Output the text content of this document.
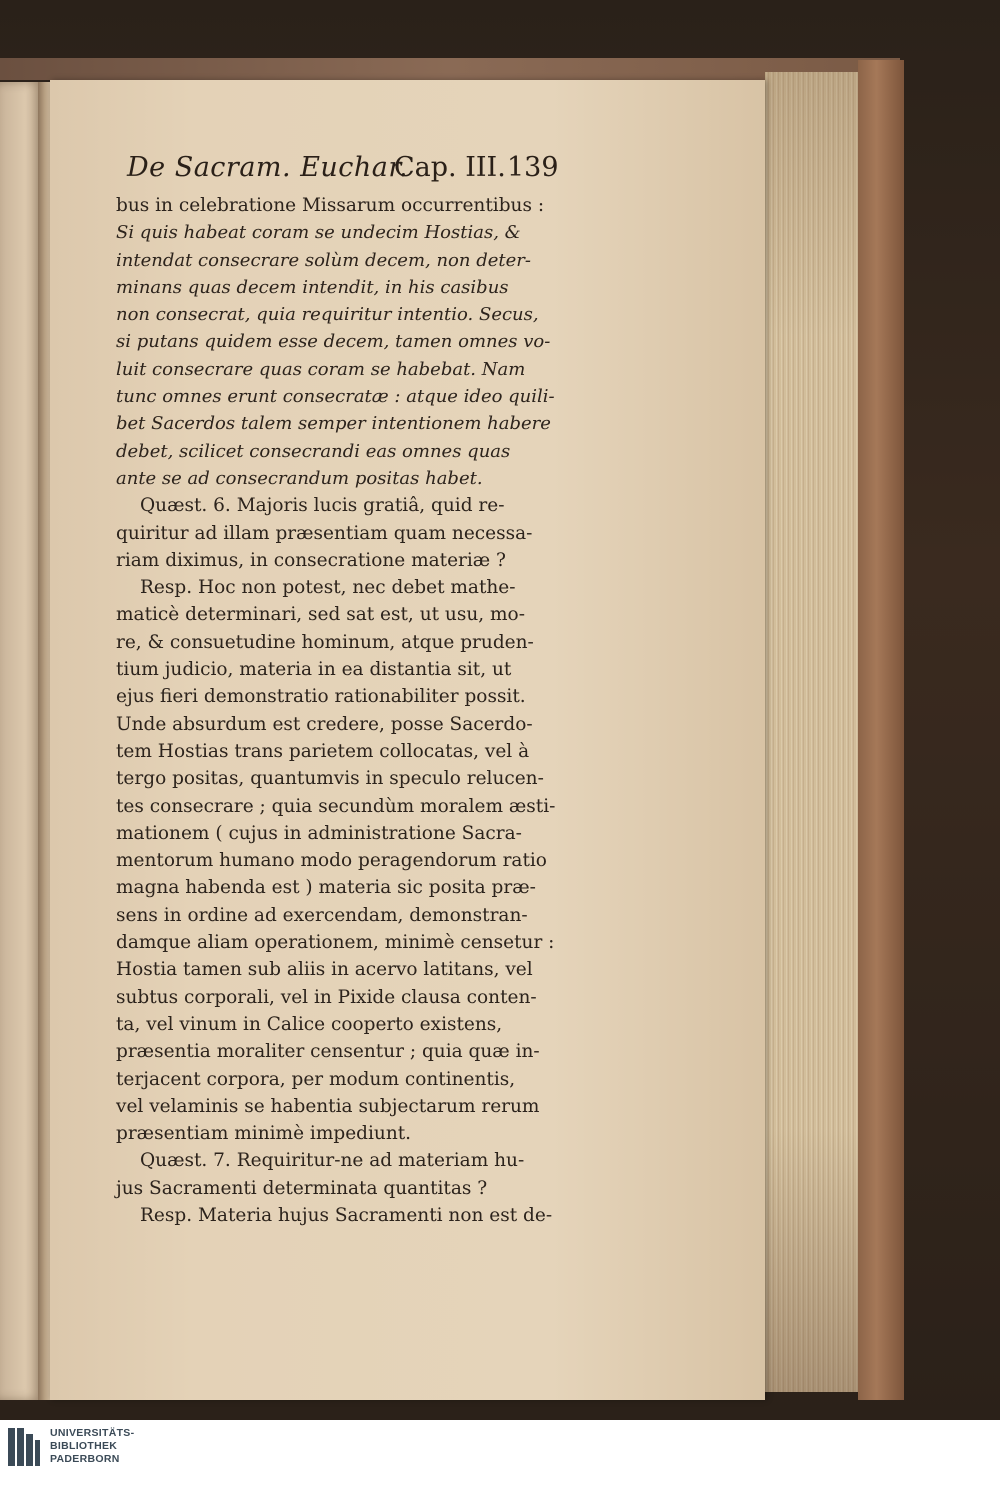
De Sacram. Euchar.
Cap. III. 139
bus in celebratione Missarum occurrentibus :
Si quis habeat coram se undecim Hostias, &
intendat consecrare solùm decem, non deter-
minans quas decem intendit, in his casibus
non consecrat, quia requiritur intentio. Secus,
si putans quidem esse decem, tamen omnes vo-
luit consecrare quas coram se habebat. Nam
tunc omnes erunt consecratæ : atque ideo quili-
bet Sacerdos talem semper intentionem habere
debet, scilicet consecrandi eas omnes quas
ante se ad consecrandum positas habet.
Quæst. 6. Majoris lucis gratiâ, quid re-
quiritur ad illam præsentiam quam necessa-
riam diximus, in consecratione materiæ ?
Resp. Hoc non potest, nec debet mathe-
maticè determinari, sed sat est, ut usu, mo-
re, & consuetudine hominum, atque pruden-
tium judicio, materia in ea distantia sit, ut
ejus fieri demonstratio rationabiliter possit.
Unde absurdum est credere, posse Sacerdo-
tem Hostias trans parietem collocatas, vel à
tergo positas, quantumvis in speculo relucen-
tes consecrare ; quia secundùm moralem æsti-
mationem ( cujus in administratione Sacra-
mentorum humano modo peragendorum ratio
magna habenda est ) materia sic posita præ-
sens in ordine ad exercendam, demonstran-
damque aliam operationem, minimè censetur :
Hostia tamen sub aliis in acervo latitans, vel
subtus corporali, vel in Pixide clausa conten-
ta, vel vinum in Calice cooperto existens,
præsentia moraliter censentur ; quia quæ in-
terjacent corpora, per modum continentis,
vel velaminis se habentia subjectarum rerum
præsentiam minimè impediunt.
Quæst. 7. Requiritur-ne ad materiam hu-
jus Sacramenti determinata quantitas ?
Resp. Materia hujus Sacramenti non est de-
UNIVERSITÄTS-
BIBLIOTHEK
PADERBORN
